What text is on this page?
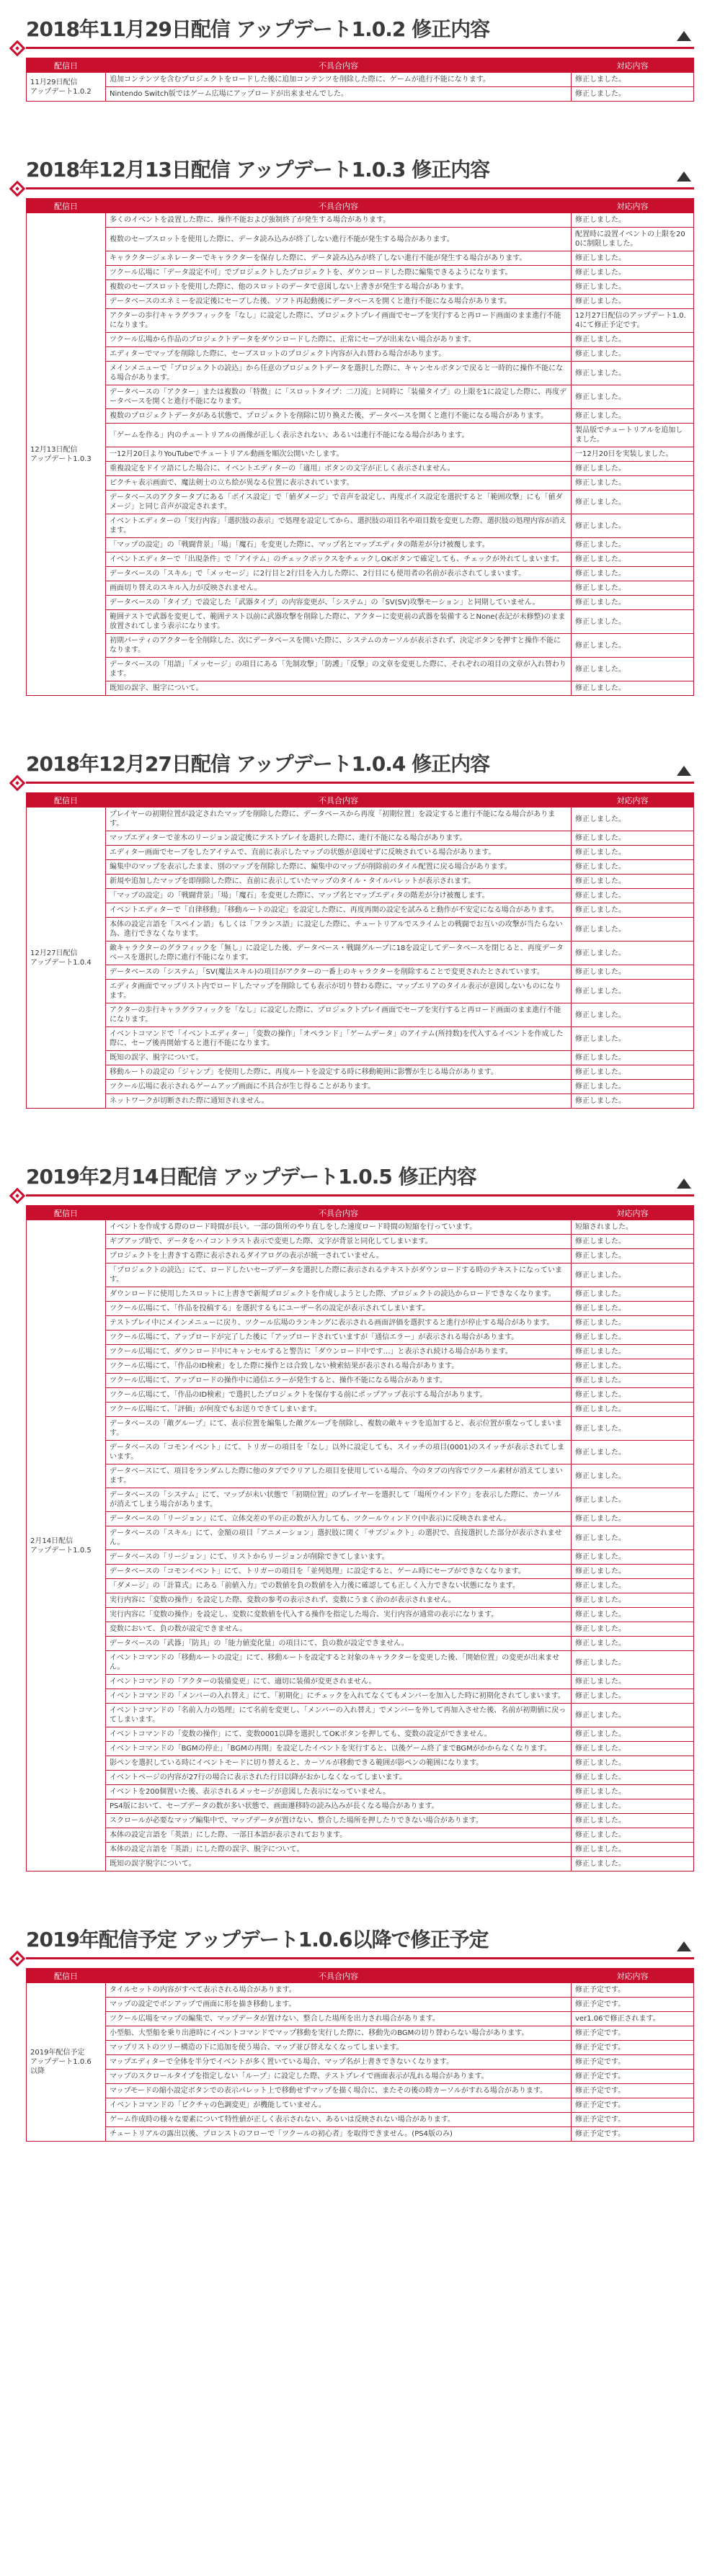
2018年11月29日配信 アップデート1.0.2 修正内容
配信日	不具合内容	対応内容
11月29日配信
アップデート1.0.2	追加コンテンツを含むプロジェクトをロードした後に追加コンテンツを削除した際に、ゲームが進行不能になります。	修正しました。
	Nintendo Switch版ではゲーム広場にアップロードが出来ませんでした。	修正しました。
2018年12月13日配信 アップデート1.0.3 修正内容
配信日	不具合内容	対応内容
12月13日配信
アップデート1.0.3	多くのイベントを設置した際に、操作不能および強制終了が発生する場合があります。	修正しました。
	複数のセーブスロットを使用した際に、データ読み込みが終了しない進行不能が発生する場合があります。	配置時に設置イベントの上限を200に制限しました。
	キャラクタージェネレーターでキャラクターを保存した際に、データ読み込みが終了しない進行不能が発生する場合があります。	修正しました。
	ツクール広場に「データ設定不可」でプロジェクトしたプロジェクトを、ダウンロードした際に編集できるようになります。	修正しました。
	複数のセーブスロットを使用した際に、他のスロットのデータで意図しない上書きが発生する場合があります。	修正しました。
	データベースのエネミーを設定後にセーブした後、ソフト再起動後にデータベースを開くと進行不能になる場合があります。	修正しました。
	アクターの歩行キャラグラフィックを「なし」に設定した際に、プロジェクトプレイ画面でセーブを実行すると再ロード画面のまま進行不能になります。	12月27日配信のアップデート1.0.4にて修正予定です。
	ツクール広場から作品のプロジェクトデータをダウンロードした際に、正常にセーブが出来ない場合があります。	修正しました。
	エディターでマップを削除した際に、セーブスロットのプロジェクト内容が入れ替わる場合があります。	修正しました。
	メインメニューで「プロジェクトの読込」から任意のプロジェクトデータを選択した際に、キャンセルボタンで戻ると一時的に操作不能になる場合があります。	修正しました。
	データベースの「アクター」または複数の「特徴」に「スロットタイプ：二刀流」と同時に「装備タイプ」の上限を1に設定した際に、再度データベースを開くと進行不能になります。	修正しました。
	複数のプロジェクトデータがある状態で、プロジェクトを削除に切り換えた後、データベースを開くと進行不能になる場合があります。	修正しました。
	「ゲームを作る」内のチュートリアルの画像が正しく表示されない、あるいは進行不能になる場合があります。	製品版でチュートリアルを追加しました。
	一12月20日よりYouTubeでチュートリアル動画を順次公開いたします。	一12月20日を実装しました。
	重複設定をドイツ語にした場合に、イベントエディターの「適用」ボタンの文字が正しく表示されません。	修正しました。
	ピクチャ表示画面で、魔法剣士の立ち絵が異なる位置に表示されています。	修正しました。
	データベースのアクタータブにある「ボイス設定」で「値ダメージ」で音声を設定し、再度ボイス設定を選択すると「範囲攻撃」にも「値ダメージ」と同じ音声が設定されます。	修正しました。
	イベントエディターの「実行内容」「選択肢の表示」で処理を設定してから、選択肢の項目名や項目数を変更した際、選択肢の処理内容が消えます。	修正しました。
	「マップの設定」の「戦闘背景」「場」「魔石」を変更した際に、マップ名とマップエディタの階差が分け被覆します。	修正しました。
	イベントエディターで「出現条件」で「アイテム」のチェックボックスをチェックしOKボタンで確定しても、チェックが外れてしまいます。	修正しました。
	データベースの「スキル」で「メッセージ」に2行目と2行目を入力した際に、2行目にも使用者の名前が表示されてしまいます。	修正しました。
	画面切り替えのスキル入力が反映されません。	修正しました。
	データベースの「タイプ」で設定した「武器タイプ」の内容変更が、「システム」の「SV(SV)攻撃モーション」と同期していません。	修正しました。
	範囲テストで武器を変更して、範囲テスト以前に武器攻撃を削除した際に、アクターに変更前の武器を装備するとNone(表記が未修整)のまま放置されてしまう表示になります。	修正しました。
	初期パーティのアクターを全削除した、次にデータベースを開いた際に、システムのカーソルが表示されず、決定ボタンを押すと操作不能になります。	修正しました。
	データベースの「用語」「メッセージ」の項目にある「先制攻撃」「防護」「反撃」の文章を変更した際に、それぞれの項目の文章が入れ替わります。	修正しました。
	既知の誤字、脱字について。	修正しました。
2018年12月27日配信 アップデート1.0.4 修正内容
配信日	不具合内容	対応内容
12月27日配信
アップデート1.0.4	プレイヤーの初期位置が設定されたマップを削除した際に、データベースから再度「初期位置」を設定すると進行不能になる場合があります。	修正しました。
	マップエディターで並木のリージョン設定後にテストプレイを選択した際に、進行不能になる場合があります。	修正しました。
	エディター画面でセーブをしたアイテムで、直前に表示したマップの状態が意図せずに反映されている場合があります。	修正しました。
	編集中のマップを表示したまま、別のマップを削除した際に、編集中のマップが削除前のタイル配置に戻る場合があります。	修正しました。
	新規や追加したマップを即削除した際に、直前に表示していたマップのタイル・タイルパレットが表示されます。	修正しました。
	「マップの設定」の「戦闘背景」「場」「魔石」を変更した際に、マップ名とマップエディタの階差が分け被覆します。	修正しました。
	イベントエディターで「自律移動」「移動ルートの設定」を設定した際に、再度再開の設定を試みると動作が不安定になる場合があります。	修正しました。
	本体の設定言語を「スペイン語」もしくは「フランス語」に設定した際に、チュートリアルでスライムとの戦闘でお互いの攻撃が当たらない為、進行できなくなります。	修正しました。
	敵キャラクターのグラフィックを「無し」に設定した後、データベース・戦闘グループに18を設定してデータベースを閉じると、再度データベースを選択した際に進行不能になります。	修正しました。
	データベースの「システム」「SV(魔法スキル)の項目がアクターの一番上のキャラクターを削除することで変更されたとされています。	修正しました。
	エディタ画面でマップリスト内でロードしたマップを削除しても表示が切り替わる際に、マップエリアのタイル表示が意図しないものになります。	修正しました。
	アクターの歩行キャラグラフィックを「なし」に設定した際に、プロジェクトプレイ画面でセーブを実行すると再ロード画面のまま進行不能になります。	修正しました。
	イベントコマンドで「イベントエディター」「変数の操作」「オペランド」「ゲームデータ」のアイテム(所持数)を代入するイベントを作成した際に、セーブ後再開始すると進行不能になります。	修正しました。
	既知の誤字、脱字について。	修正しました。
	移動ルートの設定の「ジャンプ」を使用した際に、再度ルートを設定する時に移動範囲に影響が生じる場合があります。	修正しました。
	ツクール広場に表示されるゲームアップ画面に不具合が生じ得ることがあります。	修正しました。
	ネットワークが切断された際に通知されません。	修正しました。
2019年2月14日配信 アップデート1.0.5 修正内容
配信日	不具合内容	対応内容
2月14日配信
アップデート1.0.5	イベントを作成する際のロード時間が長い。一部の箇所のやり直しをした速度ロード時間の短縮を行っています。	短縮されました。
	ギブアップ時で、データをハイコントラスト表示で変更した際、文字が背景と同化してしまいます。	修正しました。
	プロジェクトを上書きする際に表示されるダイアログの表示が統一されていません。	修正しました。
	「プロジェクトの読込」にて、ロードしたいセーブデータを選択した際に表示されるテキストがダウンロードする時のテキストになっています。	修正しました。
	ダウンロードに使用したスロットに上書きで新規プロジェクトを作成しようとした際、プロジェクトの読込からロードできなくなります。	修正しました。
	ツクール広場にて、「作品を投稿する」を選択するもにユーザー名の設定が表示されてしまいます。	修正しました。
	テストプレイ中にメインメニューに戻り、ツクール広場のランキングに表示される画面評価を選択すると進行が停止する場合があります。	修正しました。
	ツクール広場にて、アップロードが完了した後に「アップロードされていますが「通信エラー」が表示される場合があります。	修正しました。
	ツクール広場にて、ダウンロード中にキャンセルすると警告に「ダウンロード中です…」と表示され続ける場合があります。	修正しました。
	ツクール広場にて、「作品のID検索」をした際に操作とは合致しない検索結果が表示される場合があります。	修正しました。
	ツクール広場にて、アップロードの操作中に通信エラーが発生すると、操作不能になる場合があります。	修正しました。
	ツクール広場にて、「作品のID検索」で選択したプロジェクトを保存する前にポップアップ表示する場合があります。	修正しました。
	ツクール広場にて、「評価」が何度でもお送りできてしまいます。	修正しました。
	データベースの「敵グループ」にて、表示位置を編集した敵グループを削除し、複数の敵キャラを追加すると、表示位置が重なってしまいます。	修正しました。
	データベースの「コモンイベント」にて、トリガーの項目を「なし」以外に設定しても、スイッチの項目(0001)のスイッチが表示されてしまいます。	修正しました。
	データベースにて、項目をランダムした際に他のタブでクリアした項目を使用している場合、今のタブの内容でツクール素材が消えてしまいます。	修正しました。
	データベースの「システム」にて、マップが未い状態で「初期位置」のプレイヤーを選択して「場所ウインドウ」を表示した際に、カーソルが消えてしまう場合があります。	修正しました。
	データベースの「リージョン」にて、立体交差の平の正の数が入力しても、ツクールウィンドウ(中表示)に反映されません。	修正しました。
	データベースの「スキル」にて、金額の項目「アニメーション」選択肢に関く「サブジェクト」の選択で、直接選択した部分が表示されません。	修正しました。
	データベースの「リージョン」にて、リストからリージョンが削除できてしまいます。	修正しました。
	データベースの「コモンイベント」にて、トリガーの項目を「並列処理」に設定すると、ゲーム時にセーブができなくなります。	修正しました。
	「ダメージ」の「計算式」にある「前値入力」での数値を負の数値を入力後に確認しても正しく入力できない状態になります。	修正しました。
	実行内容に「変数の操作」を設定した際、変数の参考の表示されず、変数にうまく治のが表示されません。	修正しました。
	実行内容に「変数の操作」を設定し、変数に変数値を代入する操作を指定した場合、実行内容が通常の表示になります。	修正しました。
	変数において、負の数が設定できません。	修正しました。
	データベースの「武器」「防具」の「能力値変化量」の項目にて、負の数が設定できません。	修正しました。
	イベントコマンドの「移動ルートの設定」にて、移動ルートを設定すると対象のキャラクターを変更した後、「開始位置」の変更が出来ません。	修正しました。
	イベントコマンドの「アクターの装備変更」にて、適切に装備が変更されません。	修正しました。
	イベントコマンドの「メンバーの入れ替え」にて、「初期化」にチェックを入れてなくてもメンバーを加入した時に初期化されてしまいます。	修正しました。
	イベントコマンドの「名前入力の処理」にて名前を変更し、「メンバーの入れ替え」でメンバーを外して再加入させた後、名前が初期値に戻ってしまいます。	修正しました。
	イベントコマンドの「変数の操作」にて、変数0001以降を選択してOKボタンを押しても、変数の設定ができません。	修正しました。
	イベントコマンドの「BGMの停止」「BGMの再開」を設定したイベントを実行すると、以後ゲーム終了までBGMがかからなくなります。	修正しました。
	影ペンを選択している時にイベントモードに切り替えると、カーソルが移動できる範囲が影ペンの範囲になります。	修正しました。
	イベントページの内容が27行の場合に表示された行目以降がおかしなくなってしまいます。	修正しました。
	イベントを200個置いた後、表示されるメッセージが意図した表示になっていません。	修正しました。
	PS4版において、セーブデータの数が多い状態で、画面遷移時の読み込みが長くなる場合があります。	修正しました。
	スクロールが必要なマップ編集中で、マップデータが置けない、整合した場所を押したりできない場合があります。	修正しました。
	本体の設定言語を「英語」にした際、一部日本語が表示されております。	修正しました。
	本体の設定言語を「英語」にした際の誤字、脱字について。	修正しました。
	既知の誤字脱字について。	修正しました。
2019年配信予定 アップデート1.0.6以降で修正予定
配信日	不具合内容	対応内容
2019年配信予定
アップデート1.0.6
以降	タイルセットの内容がすべて表示される場合があります。	修正予定です。
	マップの設定でボンアップで画面に形を描き移動します。	修正予定です。
	ツクール広場をマップの編集で、マップデータが置けない、整合した場所を出力され場合があります。	ver1.06で修正されます。
	小型船、大型船を乗り出港時にイベントコマンドでマップ移動を実行した際に、移動先のBGMの切り替わらない場合があります。	修正予定です。
	マップリストのツリー構造の下に追加を使う場合、マップ並び替えなくなってしまいます。	修正予定です。
	マップエディターで全体を半分でイベントが多く置いている場合、マップ名が上書きできないくなります。	修正予定です。
	マップのスクロールタイプを指定しない「ループ」に設定した際、テストプレイで画面表示が乱れる場合があります。	修正予定です。
	マップモードの縮小設定ボタンでの表示パレット上で移動せずマップを描く場合に、またその後の時カーソルがすれる場合があります。	修正予定です。
	イベントコマンドの「ピクチャの色調変更」が機能していません。	修正予定です。
	ゲーム作成時の様々な要素について特性値が正しく表示されない、あるいは反映されない場合があります。	修正予定です。
	チュートリアルの露出以後、プロンストのフローで「ツクールの初心者」を取得できません。(PS4版のみ)	修正予定です。
